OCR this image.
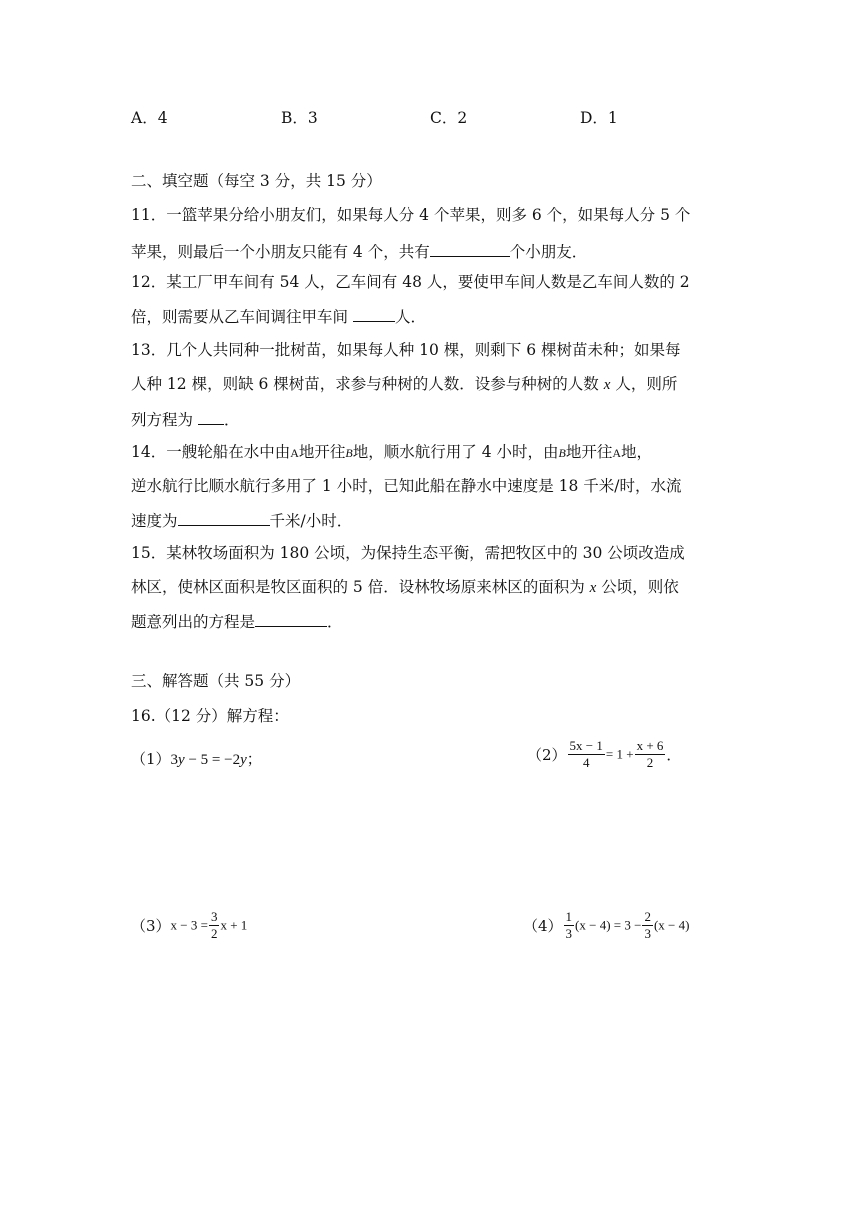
A．4	B．3	C．2	D．1
二、填空题（每空 3 分，共 15 分）
11．一篮苹果分给小朋友们，如果每人分 4 个苹果，则多 6 个，如果每人分 5 个
苹果，则最后一个小朋友只能有 4 个，共有	个小朋友．
12．某工厂甲车间有 54 人，乙车间有 48 人，要使甲车间人数是乙车间人数的 2
倍，则需要从乙车间调往甲车间	人．
13．几个人共同种一批树苗，如果每人种 10 棵，则剩下 6 棵树苗未种；如果每
人种 12 棵，则缺 6 棵树苗，求参与种树的人数．设参与种树的人数 x 人，则所
列方程为 ．
14．一艘轮船在水中由A地开往B地，顺水航行用了 4 小时，由B地开往A地，
逆水航行比顺水航行多用了 1 小时，已知此船在静水中速度是 18 千米/时，水流
速度为	千米/小时．
15．某林牧场面积为 180 公顷，为保持生态平衡，需把牧区中的 30 公顷改造成
林区，使林区面积是牧区面积的 5 倍．设林牧场原来林区的面积为 x 公顷，则依
题意列出的方程是	．
三、解答题（共 55 分）
16.（12 分）解方程：
（1）3y − 5 = −2y；	$(2) \frac{5x - 1}{4} = 1 + \frac{x + 6}{2}$ ．
$(3)x - 3 = \frac{3}{2}$ x + 1	$(4) \frac{1}{3} (x - 4) = 3 - \frac{2}{3} (x - 4)$
